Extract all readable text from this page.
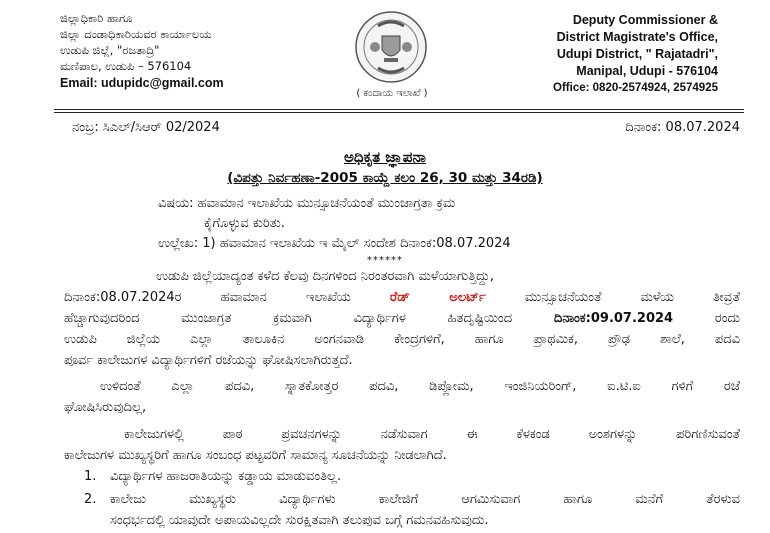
ಜಿಲ್ಲಾಧಿಕಾರಿ ಹಾಗೂ
ಜಿಲ್ಲಾ ದಂಡಾಧಿಕಾರಿಯವರ ಕಾರ್ಯಾಲಯ
ಉಡುಪಿ ಜಿಲ್ಲೆ, "ರಜತಾದ್ರಿ"
ಮಣಿಪಾಲ, ಉಡುಪಿ – 576104
Email: udupidc@gmail.com
( ಕಂದಾಯ ಇಲಾಖೆ )
Deputy Commissioner &
District Magistrate's Office,
Udupi District, " Rajatadri",
Manipal, Udupi - 576104
Office: 0820-2574924, 2574925
ನಂಬ್ರ: ಸಿಎಲ್/ಸಿಆರ್ 02/2024	ದಿನಾಂಕ: 08.07.2024
ಅಧಿಕೃತ ಜ್ಞಾಪನಾ
(ವಿಪತ್ತು ನಿರ್ವಹಣಾ-2005 ಕಾಯ್ದೆ ಕಲಂ 26, 30 ಮತ್ತು 34ರಡಿ)
ವಿಷಯ: ಹವಾಮಾನ ಇಲಾಖೆಯ ಮುನ್ಸೂಚನೆಯಂತೆ ಮುಂಜಾಗ್ರತಾ ಕ್ರಮ
ಕೈಗೊಳ್ಳುವ ಕುರಿತು.
ಉಲ್ಲೇಖ: 1) ಹವಾಮಾನ ಇಲಾಖೆಯ ಇ ಮೈಲ್ ಸಂದೇಶ ದಿನಾಂಕ:08.07.2024
******
ಉಡುಪಿ ಜಿಲ್ಲೆಯಾದ್ಯಂತ ಕಳೆದ ಕೆಲವು ದಿನಗಳಿಂದ ನಿರಂತರವಾಗಿ ಮಳೆಯಾಗುತ್ತಿದ್ದು,
ದಿನಾಂಕ:08.07.2024ರ ಹವಾಮಾನ ಇಲಾಖೆಯ ರೆಡ್ ಅಲರ್ಟ್ ಮುನ್ಸೂಚನೆಯಂತೆ ಮಳೆಯ ತೀವ್ರತೆ
ಹೆಚ್ಚಾಗುವುದರಿಂದ ಮುಂಜಾಗ್ರತ ಕ್ರಮವಾಗಿ ವಿದ್ಯಾರ್ಥಿಗಳ ಹಿತದೃಷ್ಟಿಯಿಂದ ದಿನಾಂಕ:09.07.2024 ರಂದು
ಉಡುಪಿ ಜಿಲ್ಲೆಯ ಎಲ್ಲಾ ತಾಲೂಕಿನ ಅಂಗನವಾಡಿ ಕೇಂದ್ರಗಳಿಗೆ, ಹಾಗೂ ಪ್ರಾಥಮಿಕ, ಪ್ರೌಢ ಶಾಲೆ, ಪದವಿ
ಪೂರ್ವ ಕಾಲೇಜುಗಳ ವಿದ್ಯಾರ್ಥಿಗಳಿಗೆ ರಜೆಯನ್ನು ಘೋಷಿಸಲಾಗಿರುತ್ತದೆ.
ಉಳಿದಂತೆ ಎಲ್ಲಾ ಪದವಿ, ಸ್ನಾತಕೋತ್ತರ ಪದವಿ, ಡಿಪ್ಲೋಮ, ಇಂಜಿನಿಯರಿಂಗ್, ಐ.ಟಿ.ಐ ಗಳಿಗೆ ರಜೆ
ಘೋಷಿಸಿರುವುದಿಲ್ಲ,
ಕಾಲೇಜುಗಳಲ್ಲಿ ಪಾಠ ಪ್ರವಚನಗಳನ್ನು ನಡೆಸುವಾಗ ಈ ಕೆಳಕಂಡ ಅಂಶಗಳನ್ನು ಪರಿಗಣಿಸುವಂತೆ
ಕಾಲೇಜುಗಳ ಮುಖ್ಯಸ್ಥರಿಗೆ ಹಾಗೂ ಸಂಬಂಧ ಪಟ್ಟವರಿಗೆ ಸಾಮಾನ್ಯ ಸೂಚನೆಯನ್ನು ನೀಡಲಾಗಿದೆ.
1. ವಿದ್ಯಾರ್ಥಿಗಳ ಹಾಜರಾತಿಯನ್ನು ಕಡ್ಡಾಯ ಮಾಡುವಂತಿಲ್ಲ.
2. ಕಾಲೇಜು ಮುಖ್ಯಸ್ಥರು ವಿದ್ಯಾರ್ಥಿಗಳು ಕಾಲೇಜಿಗೆ ಆಗಮಿಸುವಾಗ ಹಾಗೂ ಮನೆಗೆ ತೆರಳುವ
ಸಂಧರ್ಭದಲ್ಲಿ ಯಾವುದೇ ಅಪಾಯವಿಲ್ಲದೇ ಸುರಕ್ಷಿತವಾಗಿ ತಲುಪುವ ಬಗ್ಗೆ ಗಮನವಹಿಸುವುದು.
